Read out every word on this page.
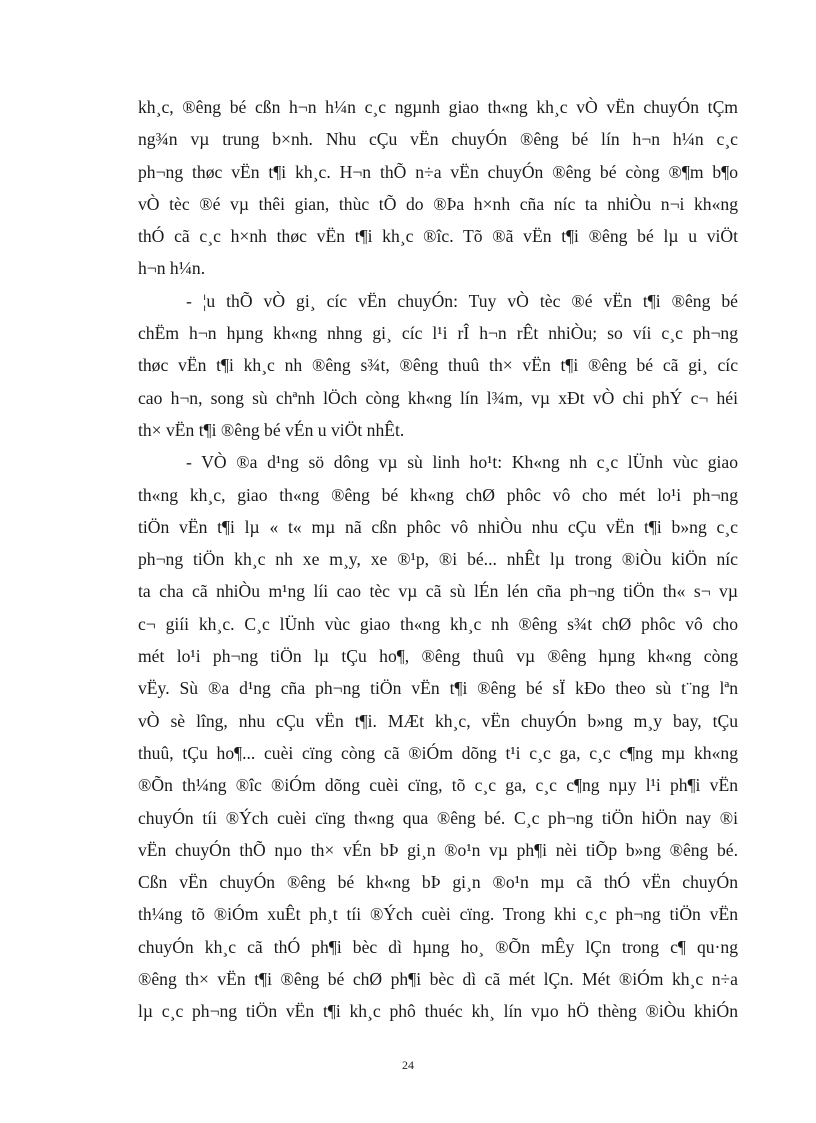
kh¸c, ®êng bé cßn h¬n h¼n c¸c ngµnh giao th«ng kh¸c vÒ vËn chuyÓn tÇm
ng¾n vµ trung b×nh. Nhu cÇu vËn chuyÓn ®êng bé lín h¬n h¼n c¸c
ph¬ng thøc vËn t¶i kh¸c. H¬n thÕ n÷a vËn chuyÓn ®êng bé còng ®¶m b¶o
vÒ tèc ®é vµ thêi gian, thùc tÕ do ®Þa h×nh cña níc ta nhiÒu n¬i kh«ng
thÓ cã c¸c h×nh thøc vËn t¶i kh¸c ®îc. Tõ ®ã vËn t¶i ®êng bé lµ u viÖt
h¬n h¼n.
- ¦u thÕ vÒ gi¸ cíc vËn chuyÓn: Tuy vÒ tèc ®é vËn t¶i ®êng bé
chËm h¬n hµng kh«ng nhng gi¸ cíc l¹i rÎ h¬n rÊt nhiÒu; so víi c¸c ph¬ng
thøc vËn t¶i kh¸c nh ®êng s¾t, ®êng thuû th× vËn t¶i ®êng bé cã gi¸ cíc
cao h¬n, song sù chªnh lÖch còng kh«ng lín l¾m, vµ xÐt vÒ chi phÝ c¬ héi
th× vËn t¶i ®êng bé vÉn u viÖt nhÊt.
- VÒ ®a d¹ng sö dông vµ sù linh ho¹t: Kh«ng nh c¸c lÜnh vùc giao
th«ng kh¸c, giao th«ng ®êng bé kh«ng chØ phôc vô cho mét lo¹i ph¬ng
tiÖn vËn t¶i lµ « t« mµ nã cßn phôc vô nhiÒu nhu cÇu vËn t¶i b»ng c¸c
ph¬ng tiÖn kh¸c nh xe m¸y, xe ®¹p, ®i bé... nhÊt lµ trong ®iÒu kiÖn níc
ta cha cã nhiÒu m¹ng líi cao tèc vµ cã sù lÉn lén cña ph¬ng tiÖn th« s¬ vµ
c¬ giíi kh¸c. C¸c lÜnh vùc giao th«ng kh¸c nh ®êng s¾t chØ phôc vô cho
mét lo¹i ph¬ng tiÖn lµ tÇu ho¶, ®êng thuû vµ ®êng hµng kh«ng còng
vËy. Sù ®a d¹ng cña ph¬ng tiÖn vËn t¶i ®êng bé sÏ kÐo theo sù t¨ng lªn
vÒ sè lîng, nhu cÇu vËn t¶i. MÆt kh¸c, vËn chuyÓn b»ng m¸y bay, tÇu
thuû, tÇu ho¶... cuèi cïng còng cã ®iÓm dõng t¹i c¸c ga, c¸c c¶ng mµ kh«ng
®Õn th¼ng ®îc ®iÓm dõng cuèi cïng, tõ c¸c ga, c¸c c¶ng nµy l¹i ph¶i vËn
chuyÓn tíi ®Ých cuèi cïng th«ng qua ®êng bé. C¸c ph¬ng tiÖn hiÖn nay ®i
vËn chuyÓn thÕ nµo th× vÉn bÞ gi¸n ®o¹n vµ ph¶i nèi tiÕp b»ng ®êng bé.
Cßn vËn chuyÓn ®êng bé kh«ng bÞ gi¸n ®o¹n mµ cã thÓ vËn chuyÓn
th¼ng tõ ®iÓm xuÊt ph¸t tíi ®Ých cuèi cïng. Trong khi c¸c ph¬ng tiÖn vËn
chuyÓn kh¸c cã thÓ ph¶i bèc dì hµng ho¸ ®Õn mÊy lÇn trong c¶ qu·ng
®êng th× vËn t¶i ®êng bé chØ ph¶i bèc dì cã mét lÇn. Mét ®iÓm kh¸c n÷a
lµ c¸c ph¬ng tiÖn vËn t¶i kh¸c phô thuéc kh¸ lín vµo hÖ thèng ®iÒu khiÓn
24
